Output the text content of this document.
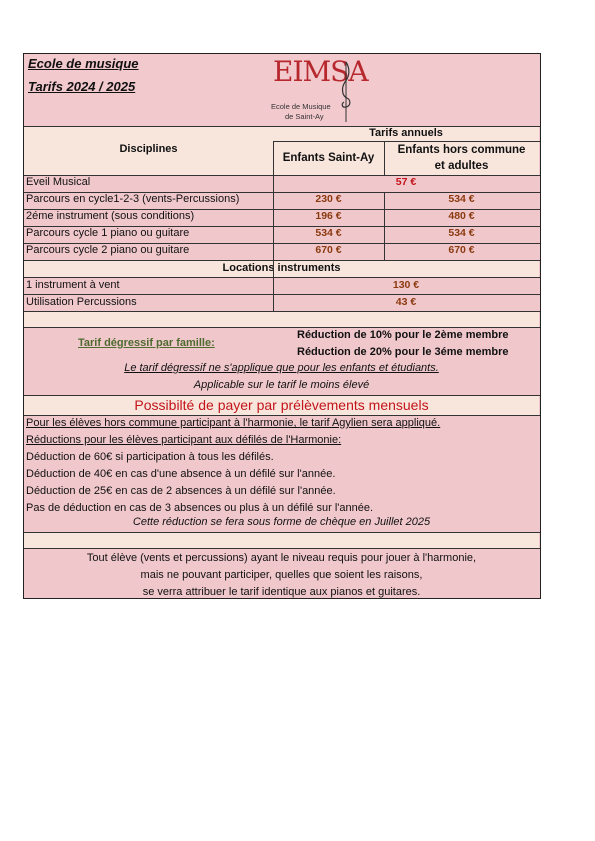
Ecole de musique
Tarifs 2024 / 2025	EIMSA
Ecole de Musique
de Saint-Ay
Disciplines
Tarifs annuels
Enfants Saint-Ay
Enfants hors commune
et adultes
Eveil Musical	57 €
Parcours en cycle1-2-3 (vents-Percussions)	230 €	534 €
2éme instrument (sous conditions)	196 €	480 €
Parcours cycle 1 piano ou guitare	534 €	534 €
Parcours cycle 2 piano ou guitare	670 €	670 €
Locations instruments
1 instrument à vent	130 €
Utilisation Percussions	43 €
Tarif dégressif par famille:
Réduction de 10% pour le 2ème membre
Réduction de 20% pour le 3éme membre
Le tarif dégressif ne s'applique que pour les enfants et étudiants.
Applicable sur le tarif le moins élevé
Possibilté de payer par prélèvements mensuels
Pour les élèves hors commune participant à l'harmonie, le tarif Agylien sera appliqué.
Réductions pour les élèves participant aux défilés de l'Harmonie:
Déduction de 60€ si participation à tous les défilés.
Déduction de 40€ en cas d'une absence à un défilé sur l'année.
Déduction de 25€ en cas de 2 absences à un défilé sur l'année.
Pas de déduction en cas de 3 absences ou plus à un défilé sur l'année.
Cette réduction se fera sous forme de chèque en Juillet 2025
Tout élève (vents et percussions) ayant le niveau requis pour jouer à l'harmonie,
mais ne pouvant participer, quelles que soient les raisons,
se verra attribuer le tarif identique aux pianos et guitares.
